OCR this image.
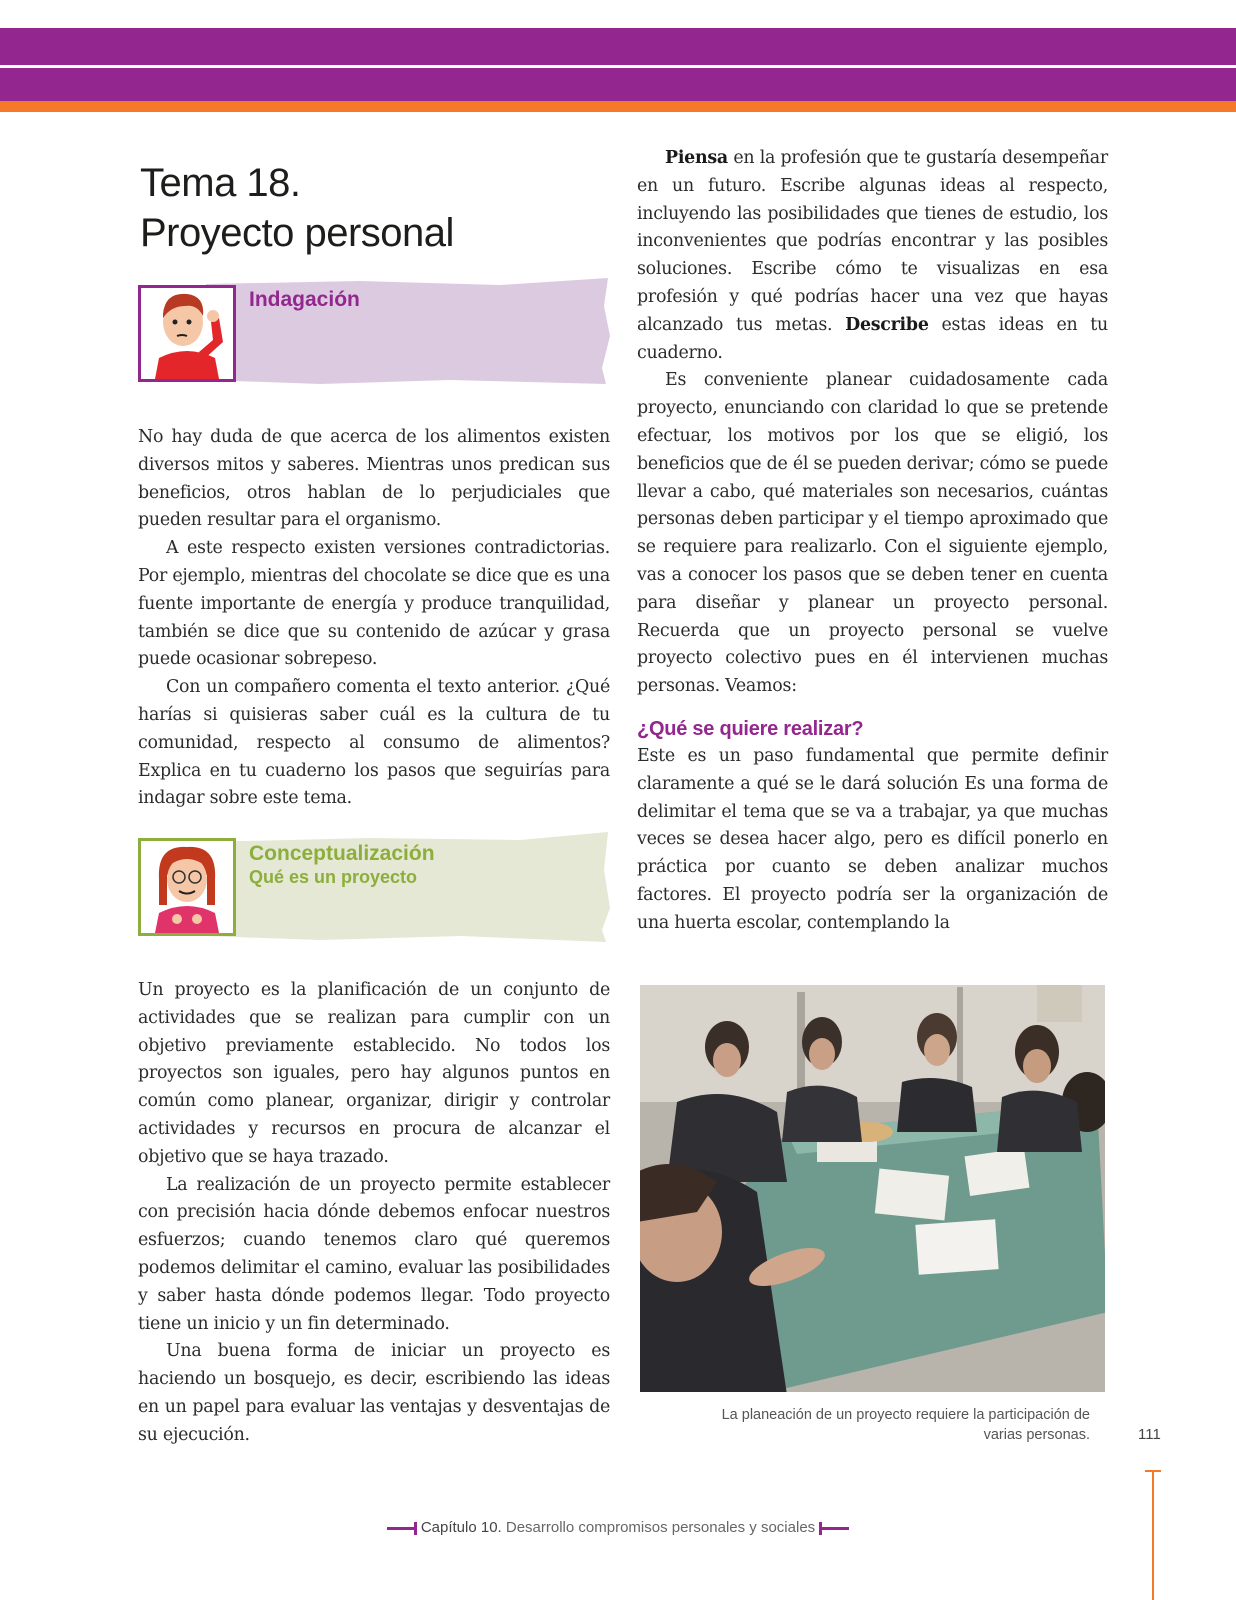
Tema 18.
Proyecto personal
Indagación

No hay duda de que acerca de los alimentos existen diversos mitos y saberes. Mientras unos predican sus beneficios, otros hablan de lo perjudiciales que pueden resultar para el organismo.

A este respecto existen versiones contradictorias. Por ejemplo, mientras del chocolate se dice que es una fuente importante de energía y produce tranquilidad, también se dice que su contenido de azúcar y grasa puede ocasionar sobrepeso.

Con un compañero comenta el texto anterior. ¿Qué harías si quisieras saber cuál es la cultura de tu comunidad, respecto al consumo de alimentos? Explica en tu cuaderno los pasos que seguirías para indagar sobre este tema.

Conceptualización
Qué es un proyecto

Un proyecto es la planificación de un conjunto de actividades que se realizan para cumplir con un objetivo previamente establecido. No todos los proyectos son iguales, pero hay algunos puntos en común como planear, organizar, dirigir y controlar actividades y recursos en procura de alcanzar el objetivo que se haya trazado.

La realización de un proyecto permite establecer con precisión hacia dónde debemos enfocar nuestros esfuerzos; cuando tenemos claro qué queremos podemos delimitar el camino, evaluar las posibilidades y saber hasta dónde podemos llegar. Todo proyecto tiene un inicio y un fin determinado.

Una buena forma de iniciar un proyecto es haciendo un bosquejo, es decir, escribiendo las ideas en un papel para evaluar las ventajas y desventajas de su ejecución.

Piensa en la profesión que te gustaría desempeñar en un futuro. Escribe algunas ideas al respecto, incluyendo las posibilidades que tienes de estudio, los inconvenientes que podrías encontrar y las posibles soluciones. Escribe cómo te visualizas en esa profesión y qué podrías hacer una vez que hayas alcanzado tus metas. Describe estas ideas en tu cuaderno.

Es conveniente planear cuidadosamente cada proyecto, enunciando con claridad lo que se pretende efectuar, los motivos por los que se eligió, los beneficios que de él se pueden derivar; cómo se puede llevar a cabo, qué materiales son necesarios, cuántas personas deben participar y el tiempo aproximado que se requiere para realizarlo. Con el siguiente ejemplo, vas a conocer los pasos que se deben tener en cuenta para diseñar y planear un proyecto personal. Recuerda que un proyecto personal se vuelve proyecto colectivo pues en él intervienen muchas personas. Veamos:

¿Qué se quiere realizar?

Este es un paso fundamental que permite definir claramente a qué se le dará solución Es una forma de delimitar el tema que se va a trabajar, ya que muchas veces se desea hacer algo, pero es difícil ponerlo en práctica por cuanto se deben analizar muchos factores. El proyecto podría ser la organización de una huerta escolar, contemplando la

La planeación de un proyecto requiere la participación de varias personas.	111
Capítulo 10. Desarrollo compromisos personales y sociales
